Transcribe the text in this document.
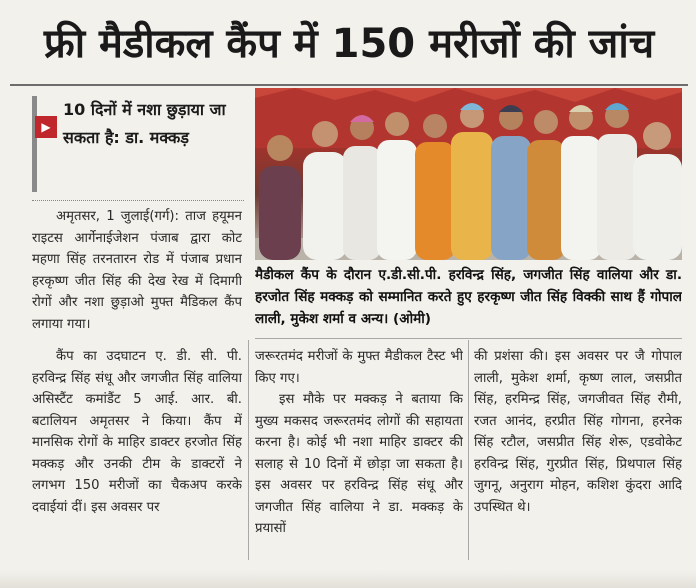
फ्री मैडीकल कैंप में 150 मरीजों की जांच
▶
10 दिनों में नशा छुड़ाया जा सकता है: डा. मक्कड़

अमृतसर, 1 जुलाई(गर्ग): ताज हयूमन राइटस आर्गेनाईजेशन पंजाब द्वारा कोट महणा सिंह तरनतारन रोड में पंजाब प्रधान हरकृष्ण जीत सिंह की देख रेख में दिमागी रोगों और नशा छुड़ाओ मुफ्त मैडिकल कैंप लगाया गया।

मैडीकल कैंप के दौरान ए.डी.सी.पी. हरविन्द्र सिंह, जगजीत सिंह वालिया और डा. हरजोत सिंह मक्कड़ को सम्मानित करते हुए हरकृष्ण जीत सिंह विक्की साथ हैं गोपाल लाली, मुकेश शर्मा व अन्य। (ओमी)

कैंप का उदघाटन ए. डी. सी. पी. हरविन्द्र सिंह संधू और जगजीत सिंह वालिया असिस्टैंट कमांडैंट 5 आई. आर. बी. बटालियन अमृतसर ने किया। कैंप में मानसिक रोगों के माहिर डाक्टर हरजोत सिंह मक्कड़ और उनकी टीम के डाक्टरों ने लगभग 150 मरीजों का चैकअप करके दवाईयां दीं। इस अवसर पर

जरूरतमंद मरीजों के मुफ्त मैडीकल टैस्ट भी किए गए।

इस मौके पर मक्कड़ ने बताया कि मुख्य मकसद जरूरतमंद लोगों की सहायता करना है। कोई भी नशा माहिर डाक्टर की सलाह से 10 दिनों में छोड़ा जा सकता है। इस अवसर पर हरविन्द्र सिंह संधू और जगजीत सिंह वालिया ने डा. मक्कड़ के प्रयासों

की प्रशंसा की। इस अवसर पर जै गोपाल लाली, मुकेश शर्मा, कृष्ण लाल, जसप्रीत सिंह, हरमिन्द्र सिंह, जगजीवत सिंह रौमी, रजत आनंद, हरप्रीत सिंह गोगना, हरनेक सिंह रटौल, जसप्रीत सिंह शेरू, एडवोकेट हरविन्द्र सिंह, गुरप्रीत सिंह, प्रिथपाल सिंह जुगनू, अनुराग मोहन, कशिश कुंदरा आदि उपस्थित थे।
